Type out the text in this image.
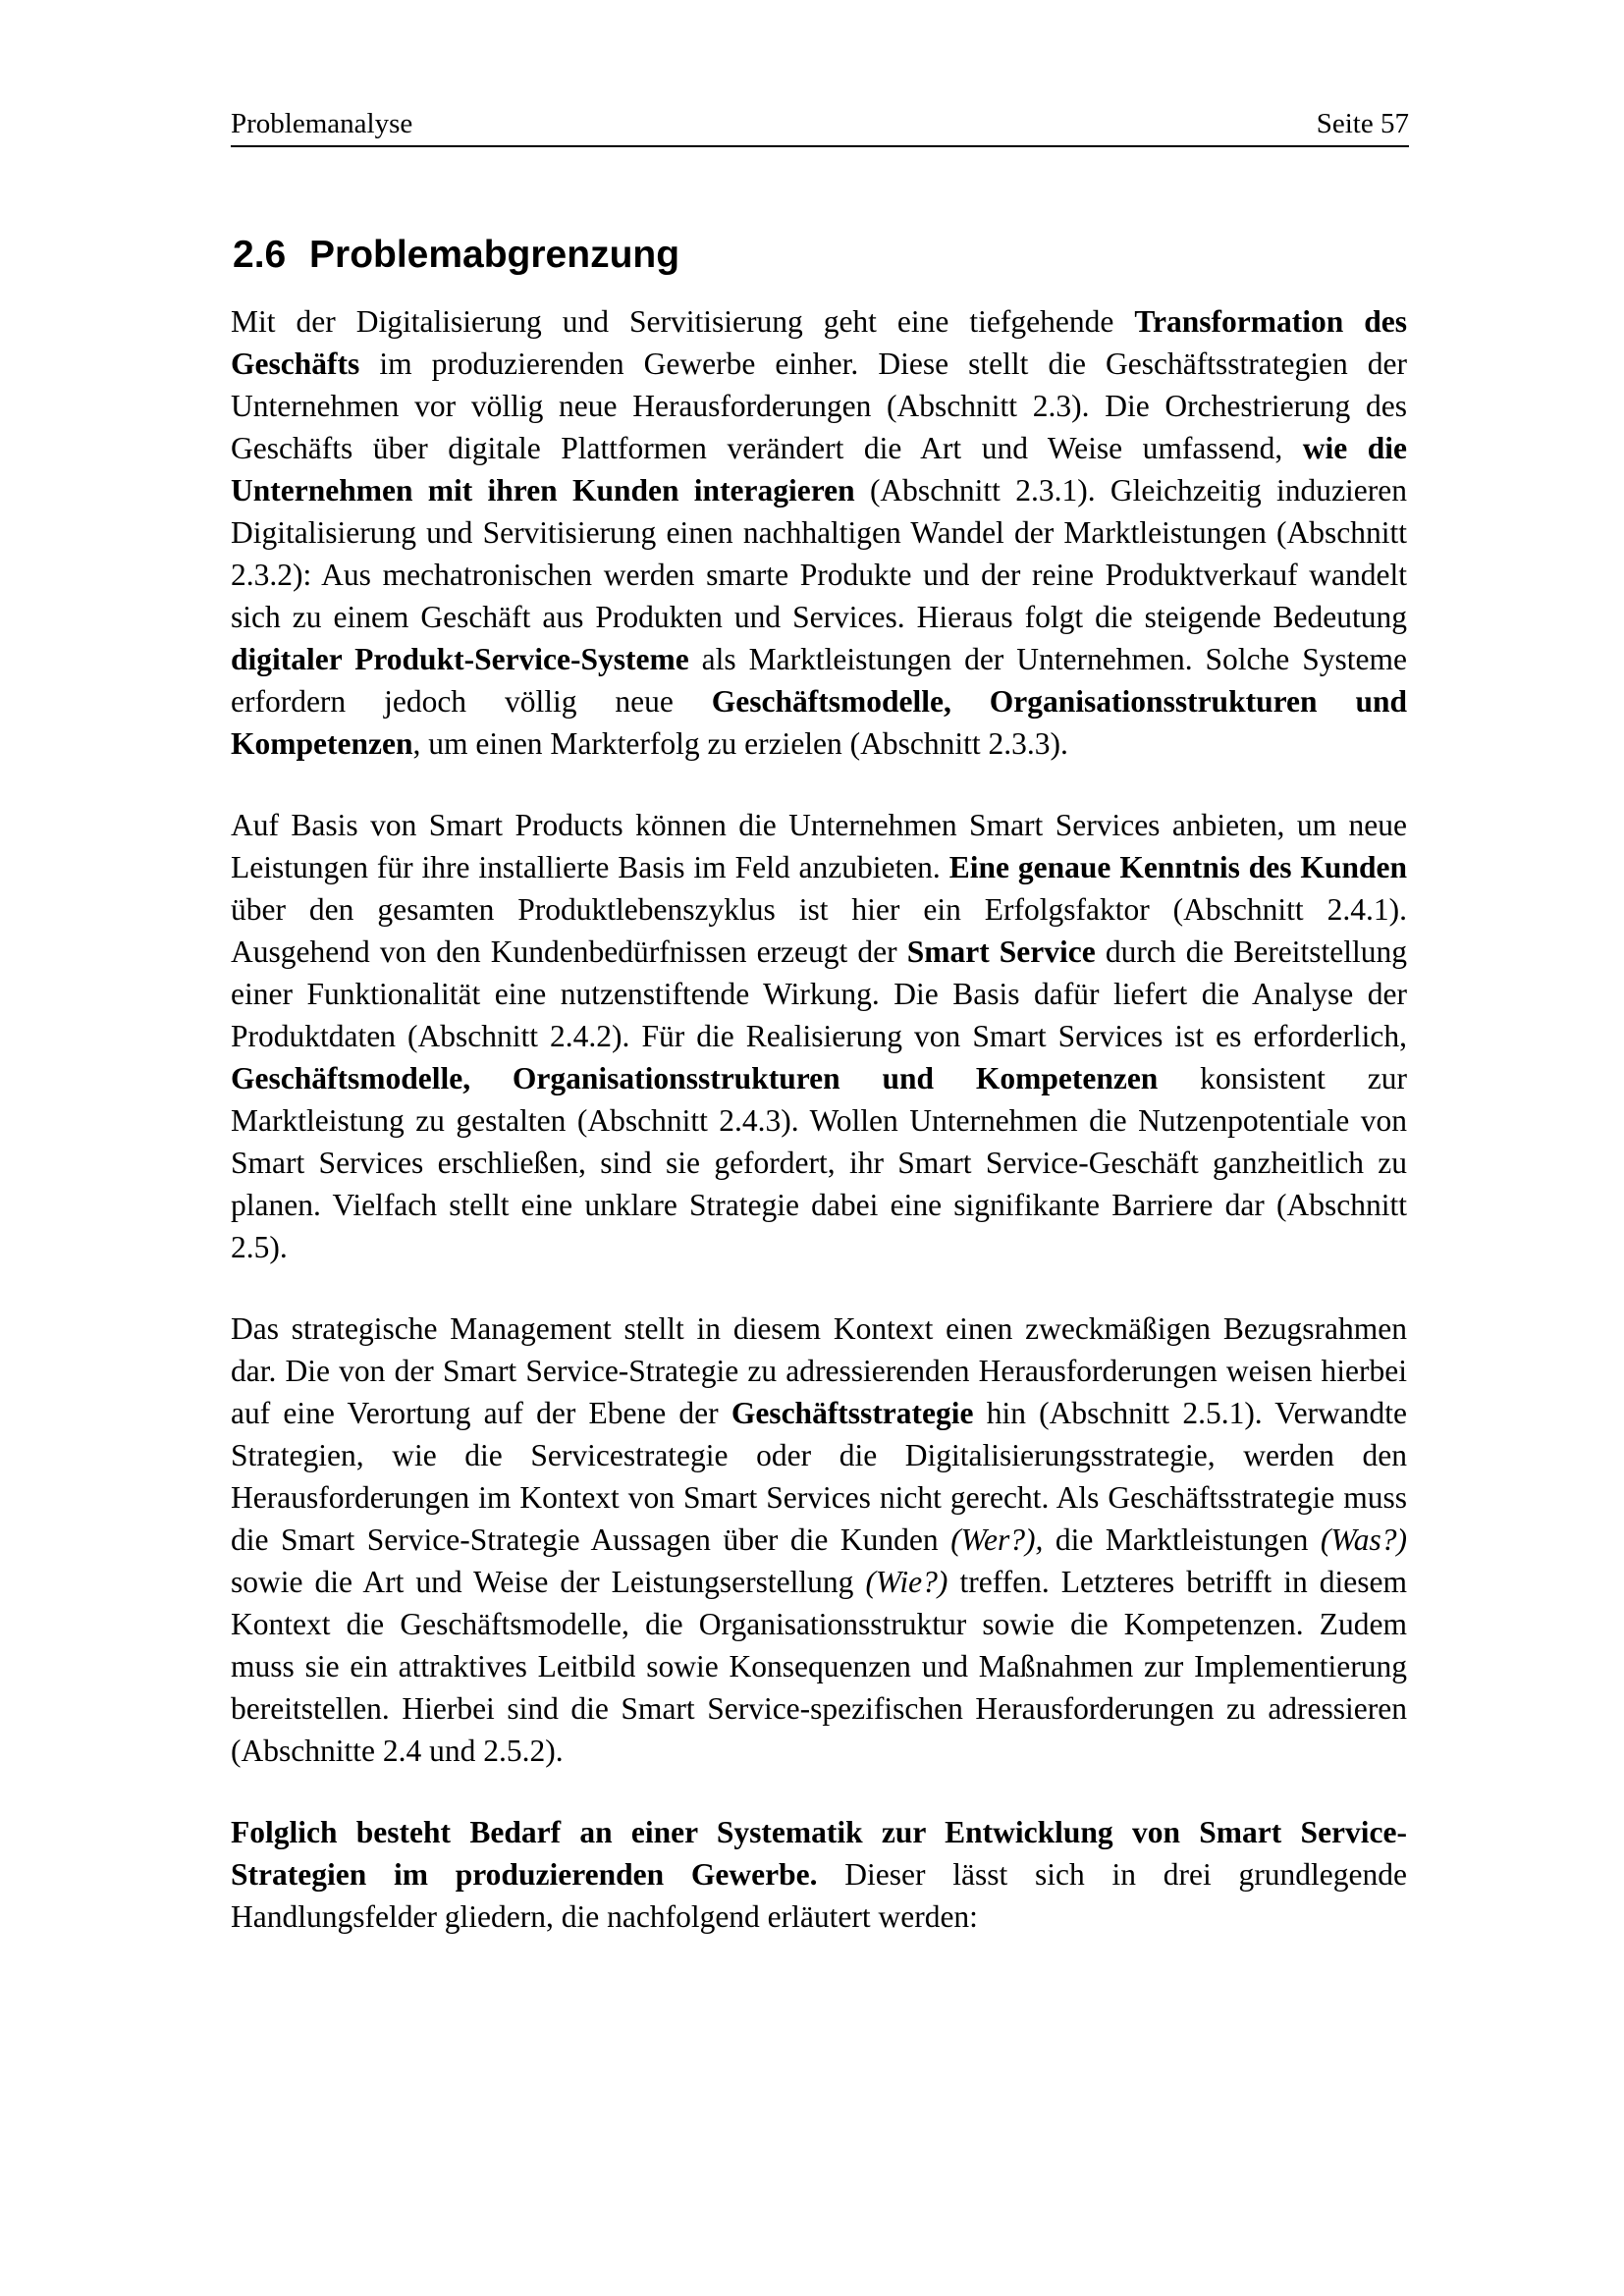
Problemanalyse	Seite 57
2.6 Problemabgrenzung

Mit der Digitalisierung und Servitisierung geht eine tiefgehende Transformation des Geschäfts im produzierenden Gewerbe einher. Diese stellt die Geschäftsstrategien der Unternehmen vor völlig neue Herausforderungen (Abschnitt 2.3). Die Orchestrierung des Geschäfts über digitale Plattformen verändert die Art und Weise umfassend, wie die Unternehmen mit ihren Kunden interagieren (Abschnitt 2.3.1). Gleichzeitig induzieren Digitalisierung und Servitisierung einen nachhaltigen Wandel der Marktleistungen (Abschnitt 2.3.2): Aus mechatronischen werden smarte Produkte und der reine Produktverkauf wandelt sich zu einem Geschäft aus Produkten und Services. Hieraus folgt die steigende Bedeutung digitaler Produkt-Service-Systeme als Marktleistungen der Unternehmen. Solche Systeme erfordern jedoch völlig neue Geschäftsmodelle, Organisationsstrukturen und Kompetenzen, um einen Markterfolg zu erzielen (Abschnitt 2.3.3).

Auf Basis von Smart Products können die Unternehmen Smart Services anbieten, um neue Leistungen für ihre installierte Basis im Feld anzubieten. Eine genaue Kenntnis des Kunden über den gesamten Produktlebenszyklus ist hier ein Erfolgsfaktor (Abschnitt 2.4.1). Ausgehend von den Kundenbedürfnissen erzeugt der Smart Service durch die Bereitstellung einer Funktionalität eine nutzenstiftende Wirkung. Die Basis dafür liefert die Analyse der Produktdaten (Abschnitt 2.4.2). Für die Realisierung von Smart Services ist es erforderlich, Geschäftsmodelle, Organisationsstrukturen und Kompetenzen konsistent zur Marktleistung zu gestalten (Abschnitt 2.4.3). Wollen Unternehmen die Nutzenpotentiale von Smart Services erschließen, sind sie gefordert, ihr Smart Service-Geschäft ganzheitlich zu planen. Vielfach stellt eine unklare Strategie dabei eine signifikante Barriere dar (Abschnitt 2.5).

Das strategische Management stellt in diesem Kontext einen zweckmäßigen Bezugsrahmen dar. Die von der Smart Service-Strategie zu adressierenden Herausforderungen weisen hierbei auf eine Verortung auf der Ebene der Geschäftsstrategie hin (Abschnitt 2.5.1). Verwandte Strategien, wie die Servicestrategie oder die Digitalisierungsstrategie, werden den Herausforderungen im Kontext von Smart Services nicht gerecht. Als Geschäftsstrategie muss die Smart Service-Strategie Aussagen über die Kunden (Wer?), die Marktleistungen (Was?) sowie die Art und Weise der Leistungserstellung (Wie?) treffen. Letzteres betrifft in diesem Kontext die Geschäftsmodelle, die Organisationsstruktur sowie die Kompetenzen. Zudem muss sie ein attraktives Leitbild sowie Konsequenzen und Maßnahmen zur Implementierung bereitstellen. Hierbei sind die Smart Service-spezifischen Herausforderungen zu adressieren (Abschnitte 2.4 und 2.5.2).

Folglich besteht Bedarf an einer Systematik zur Entwicklung von Smart Service-Strategien im produzierenden Gewerbe. Dieser lässt sich in drei grundlegende Handlungsfelder gliedern, die nachfolgend erläutert werden:
